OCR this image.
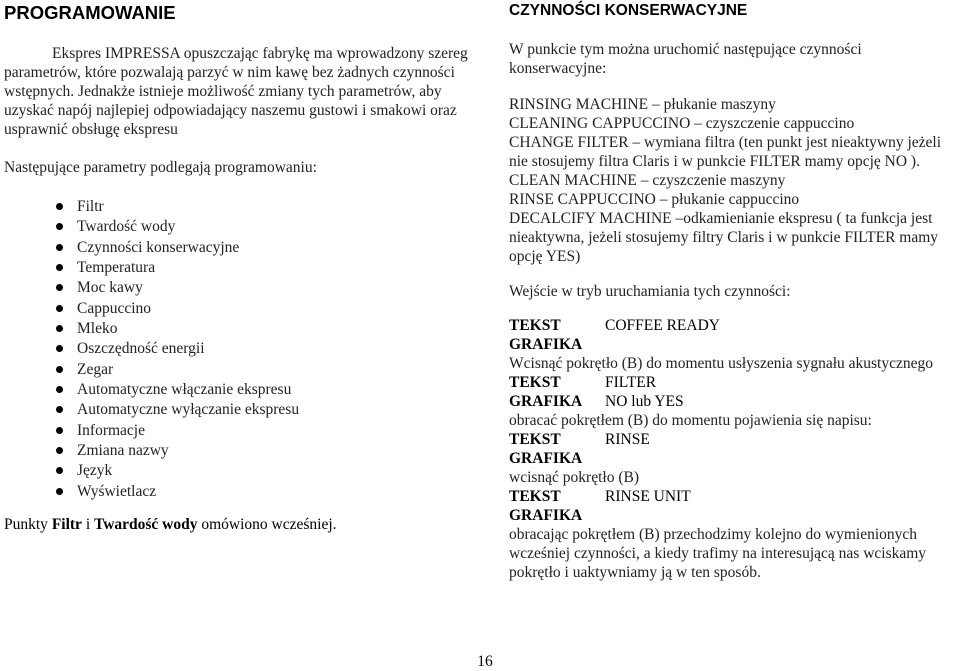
PROGRAMOWANIE

Ekspres IMPRESSA opuszczając fabrykę ma wprowadzony szereg parametrów, które pozwalają parzyć w nim kawę bez żadnych czynności wstępnych. Jednakże istnieje możliwość zmiany tych parametrów, aby uzyskać napój najlepiej odpowiadający naszemu gustowi i smakowi oraz usprawnić obsługę ekspresu

Następujące parametry podlegają programowaniu:

Filtr
Twardość wody
Czynności konserwacyjne
Temperatura
Moc kawy
Cappuccino
Mleko
Oszczędność energii
Zegar
Automatyczne włączanie ekspresu
Automatyczne wyłączanie ekspresu
Informacje
Zmiana nazwy
Język
Wyświetlacz

Punkty Filtr i Twardość wody omówiono wcześniej.

CZYNNOŚCI KONSERWACYJNE

W punkcie tym można uruchomić następujące czynności konserwacyjne:

RINSING MACHINE – płukanie maszyny

CLEANING CAPPUCCINO – czyszczenie cappuccino

CHANGE FILTER – wymiana filtra (ten punkt jest nieaktywny jeżeli nie stosujemy filtra Claris i w punkcie FILTER mamy opcję NO ).

CLEAN MACHINE – czyszczenie maszyny

RINSE CAPPUCCINO – płukanie cappuccino

DECALCIFY MACHINE –odkamienianie ekspresu ( ta funkcja jest nieaktywna, jeżeli stosujemy filtry Claris i w punkcie FILTER mamy opcję YES)

Wejście w tryb uruchamiania tych czynności:

TEKST	COFFEE READY
GRAFIKA
Wcisnąć pokrętło (B) do momentu usłyszenia sygnału akustycznego
TEKST	FILTER
GRAFIKA NO lub YES
obracać pokrętłem (B) do momentu pojawienia się napisu:
TEKST	RINSE
GRAFIKA
wcisnąć pokrętło (B)
TEKST	RINSE UNIT
GRAFIKA
obracając pokrętłem (B) przechodzimy kolejno do wymienionych wcześniej czynności, a kiedy trafimy na interesującą nas wciskamy pokrętło i uaktywniamy ją w ten sposób.
16
